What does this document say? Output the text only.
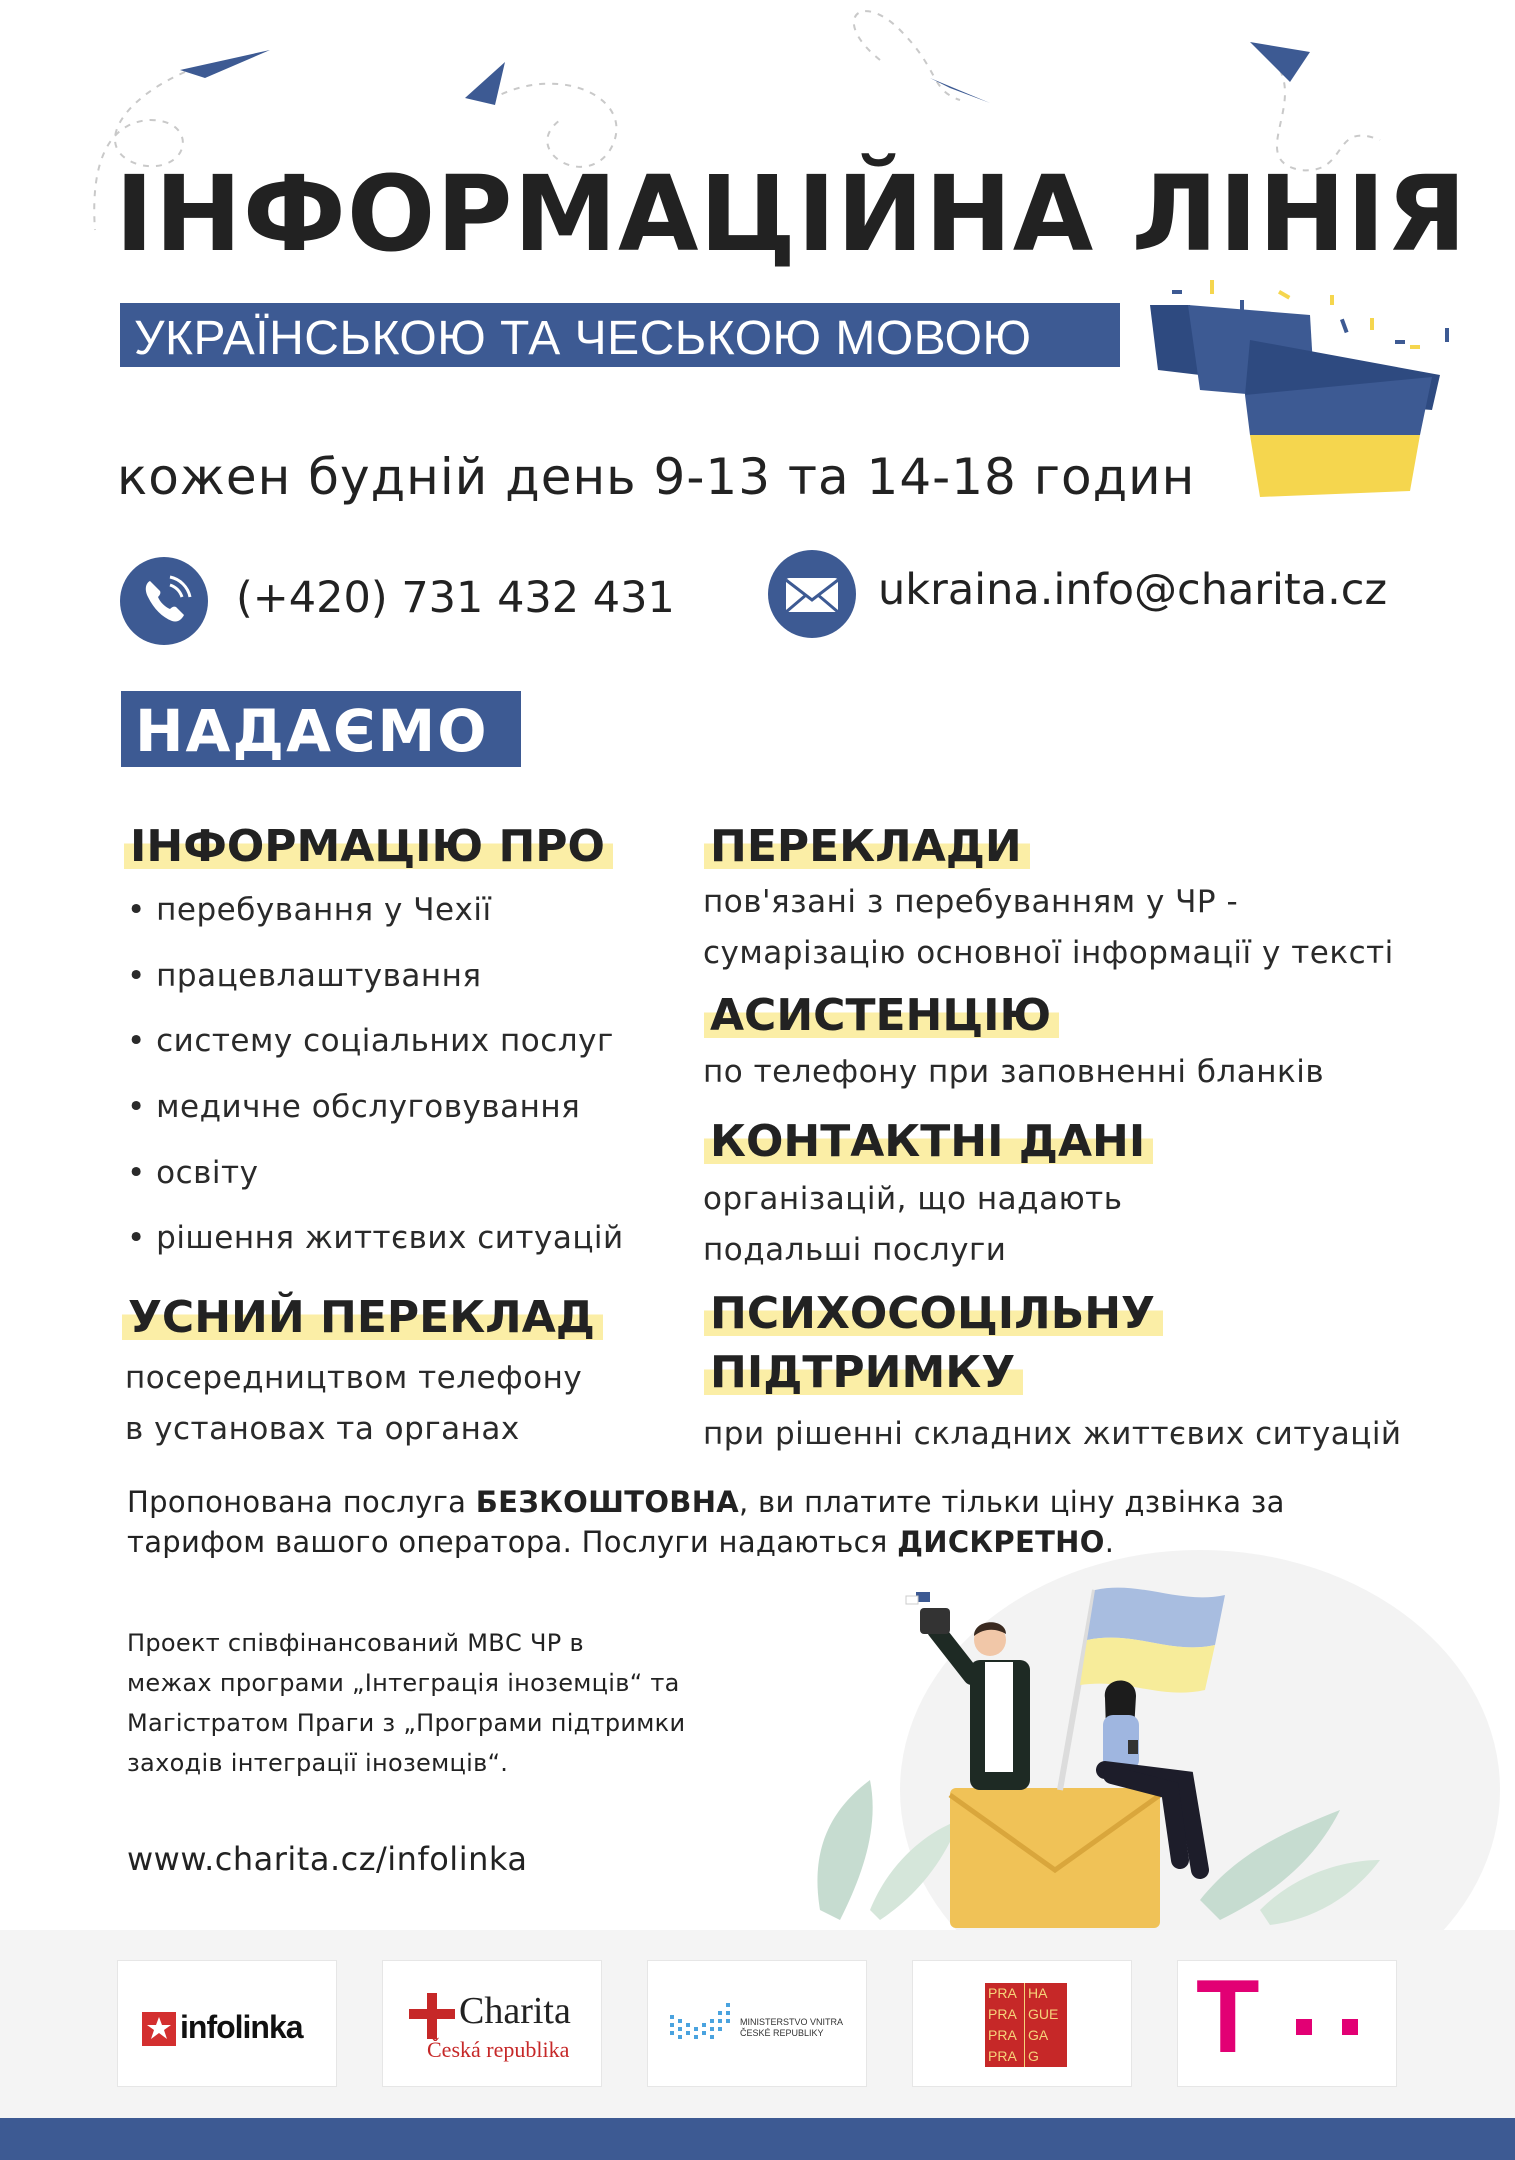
ІНФОРМАЦІЙНА ЛІНІЯ
УКРАЇНСЬКОЮ ТА ЧЕСЬКОЮ МОВОЮ
кожен будній день 9-13 та 14-18 годин
(+420) 731 432 431	ukraina.info@charita.cz
НАДАЄМО
ІНФОРМАЦІЮ ПРО
• перебування у Чехії
• працевлаштування
• систему соціальних послуг
• медичне обслуговування
• освіту
• рішення життєвих ситуацій
УСНИЙ ПЕРЕКЛАД
посередництвом телефону
в установах та органах
ПЕРЕКЛАДИ
пов'язані з перебуванням у ЧР -
сумарізацію основної інформації у тексті
АСИСТЕНЦІЮ
по телефону при заповненні бланків
КОНТАКТНІ ДАНІ
організацій, що надають
подальші послуги
ПСИХОСОЦІЛЬНУ
ПІДТРИМКУ
при рішенні складних життєвих ситуацій
Пропонована послуга БЕЗКОШТОВНА, ви платите тільки ціну дзвінка за тарифом вашого оператора. Послуги надаються ДИСКРЕТНО.
Проект співфінансований МВС ЧР в
межах програми „Інтеграція іноземців“ та
Магістратом Праги з „Програми підтримки
заходів інтеграції іноземців“.
www.charita.cz/infolinka
infolinka	Charita
Česká republika
MINISTERSTVO VNITRA
ČESKÉ REPUBLIKY
PRA HA
PRA GUE
PRA GA
PRA G T
